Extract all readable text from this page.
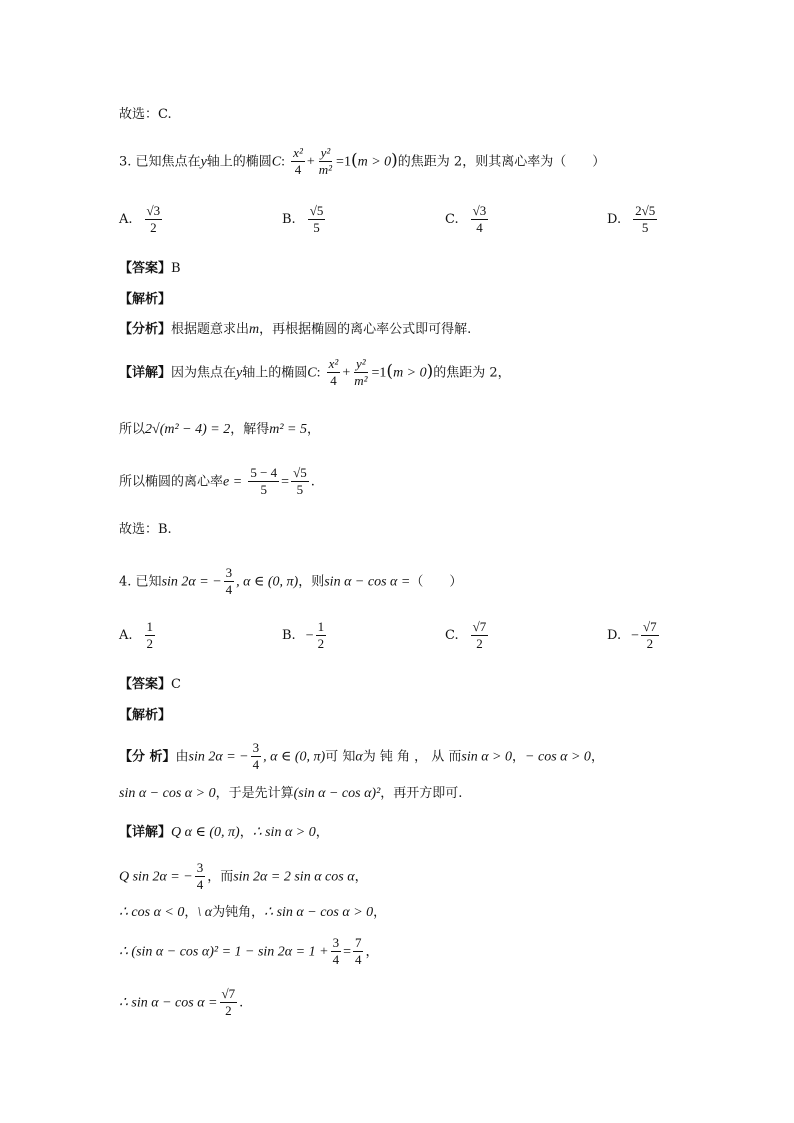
故选：C.
3. 已知焦点在y轴上的椭圆C: $\frac{\text{x²}}{4} + \frac{\text{y²}}{\text{m²}} =1(m > 0)$的焦距为 2，则其离心率为（　　）
A. $\frac{√3}{2}$	B. $\frac{√5}{5}$	C. $\frac{√3}{4}$	D. $\frac{2√5}{5}$
【答案】B
【解析】
【分析】根据题意求出m，再根据椭圆的离心率公式即可得解.
【详解】因为焦点在y轴上的椭圆C: $\frac{\text{x²}}{4} + \frac{\text{y²}}{\text{m²}} =1(m > 0)$的焦距为 2，
所以2√(m² − 4) = 2，解得m² = 5，
所以椭圆的离心率$e = \frac{5 - 4}{5} = \frac{√5}{5}$ .
故选：B.
4. 已知sin 2α = − $\frac{3}{4}$ , α ∈ (0, π)，则sin α − cos α =（　　）
A. $\frac{1}{2}$	B. − $\frac{1}{2}$	C. $\frac{√7}{2}$	D. − $\frac{√7}{2}$
【答案】C
【解析】
【分 析】由sin 2α = − $\frac{3}{4}$ , α ∈ (0, π)可 知α为 钝 角 ， 从 而sin α > 0，− cos α > 0，
sin α − cos α > 0，于是先计算(sin α − cos α)²，再开方即可.
【详解】Q α ∈ (0, π)，∴ sin α > 0，
Q sin 2α = − $\frac{3}{4}$ ，而sin 2α = 2 sin α cos α，
∴ cos α < 0，\ α为钝角，∴ sin α − cos α > 0，
∴ (sin $\alpha - \cos \alpha)^2 = 1 - \sin 2\alpha = 1 + \frac{3}{4} = \frac{7}{4}$ ，
∴ $\sin \alpha - \cos \alpha = \frac{√7}{2}$ .
